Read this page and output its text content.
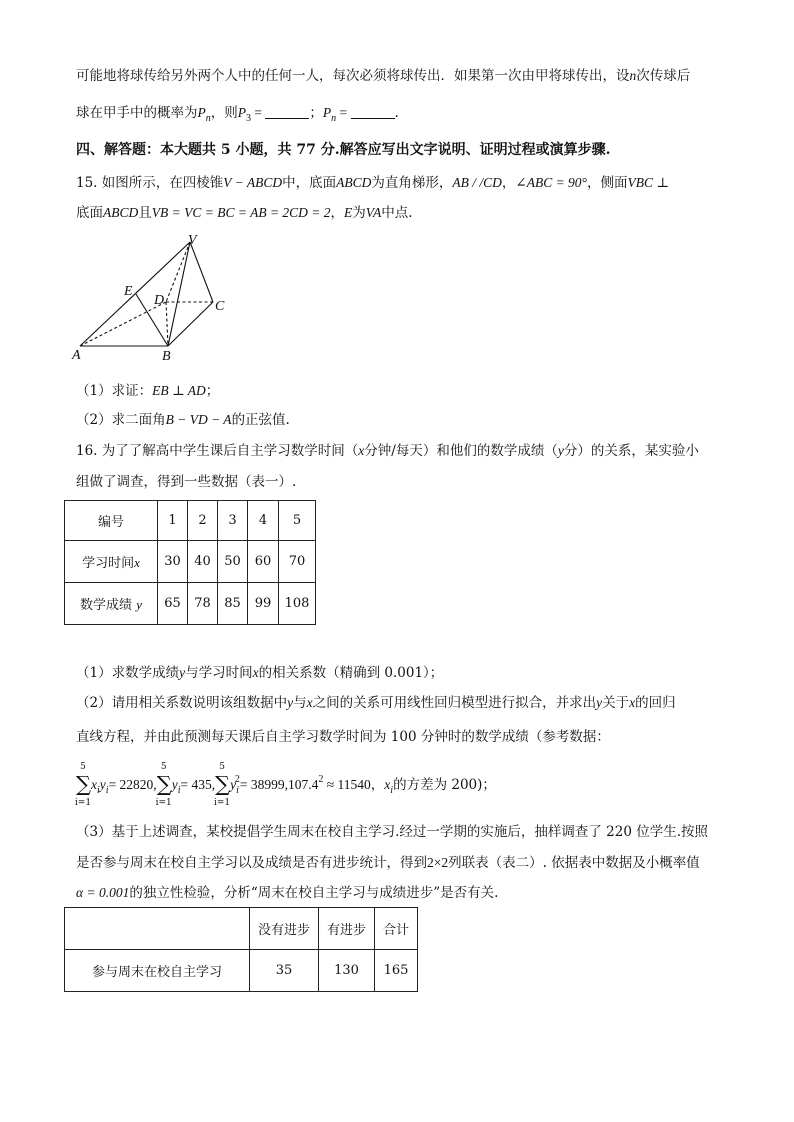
可能地将球传给另外两个人中的任何一人，每次必须将球传出．如果第一次由甲将球传出，设n次传球后
球在甲手中的概率为$P_n$，则$P_3$ =	；$P_n$ =	.
四、解答题：本大题共 5 小题，共 77 分.解答应写出文字说明、证明过程或演算步骤.
15. 如图所示，在四棱锥V − ABCD中，底面ABCD为直角梯形，AB / /CD，∠ABC = 90°，侧面VBC ⊥
底面ABCD且VB = VC = BC = AB = 2CD = 2，E为VA中点.
V
E
D	C
A	B
（1）求证：EB ⊥ AD；
（2）求二面角B − VD − A的正弦值.
16. 为了了解高中学生课后自主学习数学时间（x分钟/每天）和他们的数学成绩（y分）的关系，某实验小
组做了调查，得到一些数据（表一）.
编号	1	2	3	4	5
学习时间x	30	40	50	60	70
数学成绩 y	65	78	85	99	108
（1）求数学成绩y与学习时间x的相关系数（精确到 0.001）；
（2）请用相关系数说明该组数据中y与x之间的关系可用线性回归模型进行拟合，并求出y关于x的回归
直线方程，并由此预测每天课后自主学习数学时间为 100 分钟时的数学成绩（参考数据：
5
∑
i=1
$x_iy_i= 22820$,
5
∑
i=1
$y_i= 435$,
5
∑
i=1
$y_i^2= 38999,107.4^2 \approx 11540$，$x_i$的方差为 200)；
（3）基于上述调查，某校提倡学生周末在校自主学习.经过一学期的实施后，抽样调查了 220 位学生.按照
是否参与周末在校自主学习以及成绩是否有进步统计，得到2×2列联表（表二）. 依据表中数据及小概率值
α = 0.001的独立性检验，分析“周末在校自主学习与成绩进步”是否有关.
	没有进步	有进步	合计
参与周末在校自主学习	35	130	165
